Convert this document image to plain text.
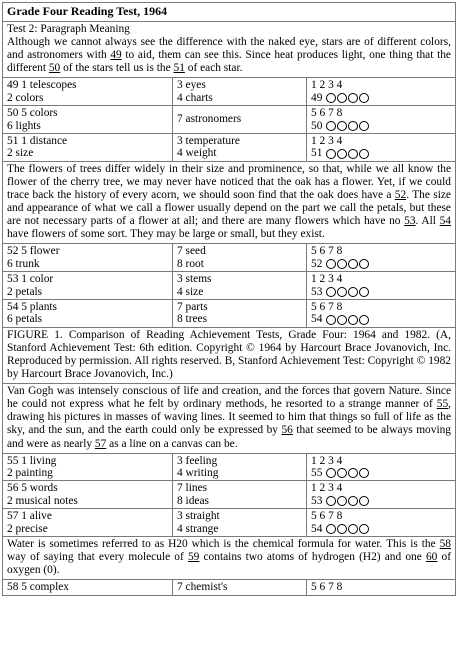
Grade Four Reading Test, 1964
Test 2: Paragraph Meaning
Although we cannot always see the difference with the naked eye, stars are of different colors, and astronomers with 49 to aid, them can see this. Since heat produces light, one thing that the different 50 of the stars tell us is the 51 of each star.
49 1 telescopes
2 colors
3 eyes
4 charts
1 2 3 4
49
50 5 colors
6 lights
7 astronomers
5 6 7 8
50
51 1 distance
2 size
3 temperature
4 weight
1 2 3 4
51
The flowers of trees differ widely in their size and prominence, so that, while we all know the flower of the cherry tree, we may never have noticed that the oak has a flower. Yet, if we could trace back the history of every acorn, we should soon find that the oak does have a 52. The size and appearance of what we call a flower usually depend on the part we call the petals, but these are not necessary parts of a flower at all; and there are many flowers which have no 53. All 54 have flowers of some sort. They may be large or small, but they exist.
52 5 flower
6 trunk
7 seed
8 root
5 6 7 8
52
53 1 color
2 petals
3 stems
4 size
1 2 3 4
53
54 5 plants
6 petals
7 parts
8 trees
5 6 7 8
54
FIGURE 1. Comparison of Reading Achievement Tests, Grade Four: 1964 and 1982. (A, Stanford Achievement Test: 6th edition. Copyright © 1964 by Harcourt Brace Jovanovich, Inc. Reproduced by permission. All rights reserved. B, Stanford Achievement Test: Copyright © 1982 by Harcourt Brace Jovanovich, Inc.)
Van Gogh was intensely conscious of life and creation, and the forces that govern Nature. Since he could not express what he felt by ordinary methods, he resorted to a strange manner of 55, drawing his pictures in masses of waving lines. It seemed to him that things so full of life as the sky, and the sun, and the earth could only be expressed by 56 that seemed to be always moving and were as nearly 57 as a line on a canvas can be.
55 1 living
2 painting
3 feeling
4 writing
1 2 3 4
55
56 5 words
2 musical notes
7 lines
8 ideas
1 2 3 4
53
57 1 alive
2 precise
3 straight
4 strange
5 6 7 8
54
Water is sometimes referred to as H20 which is the chemical formula for water. This is the 58 way of saying that every molecule of 59 contains two atoms of hydrogen (H2) and one 60 of oxygen (0).
58 5 complex	7 chemist's	5 6 7 8
